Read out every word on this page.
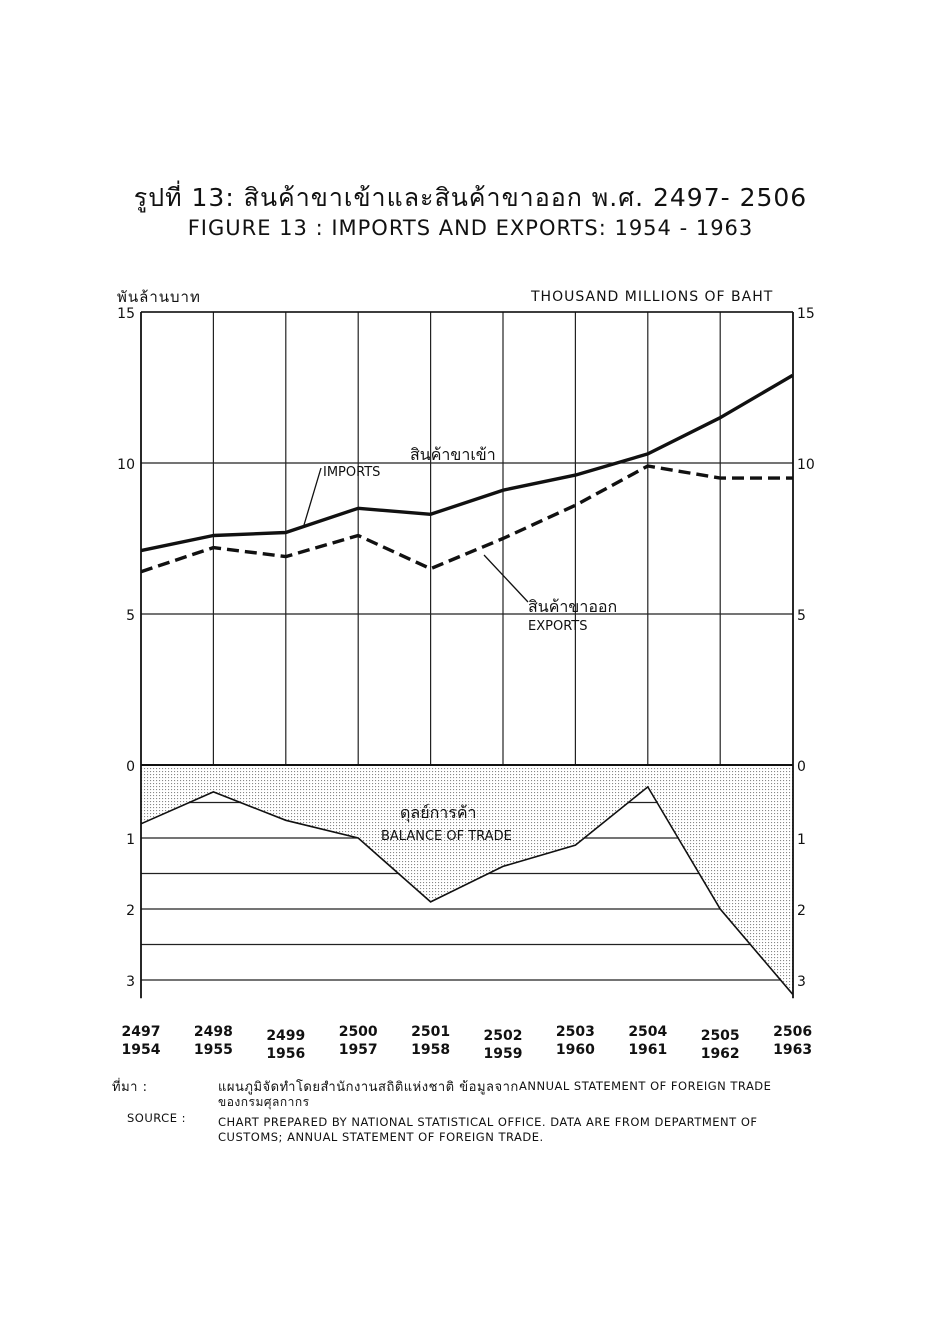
รูปที่ 13: สินค้าขาเข้าและสินค้าขาออก พ.ศ. 2497- 2506
FIGURE 13 : IMPORTS AND EXPORTS: 1954 - 1963
พันล้านบาท	THOUSAND MILLIONS OF BAHT
0	0
5	5
10	10
15	15
1	1
2	2
3	3
2497
1954
2498
1955
2499
1956
2500
1957
2501
1958
2502
1959
2503
1960
2504
1961
2505
1962
2506
1963
สินค้าขาเข้า
IMPORTS
สินค้าขาออก
EXPORTS
ดุลย์การค้า
BALANCE OF TRADE
ที่มา :	แผนภูมิจัดทำโดยสำนักงานสถิติแห่งชาติ ข้อมูลจาก ANNUAL STATEMENT OF FOREIGN TRADE
ของกรมศุลกากร
SOURCE :	CHART PREPARED BY NATIONAL STATISTICAL OFFICE. DATA ARE FROM DEPARTMENT OF
CUSTOMS; ANNUAL STATEMENT OF FOREIGN TRADE.
